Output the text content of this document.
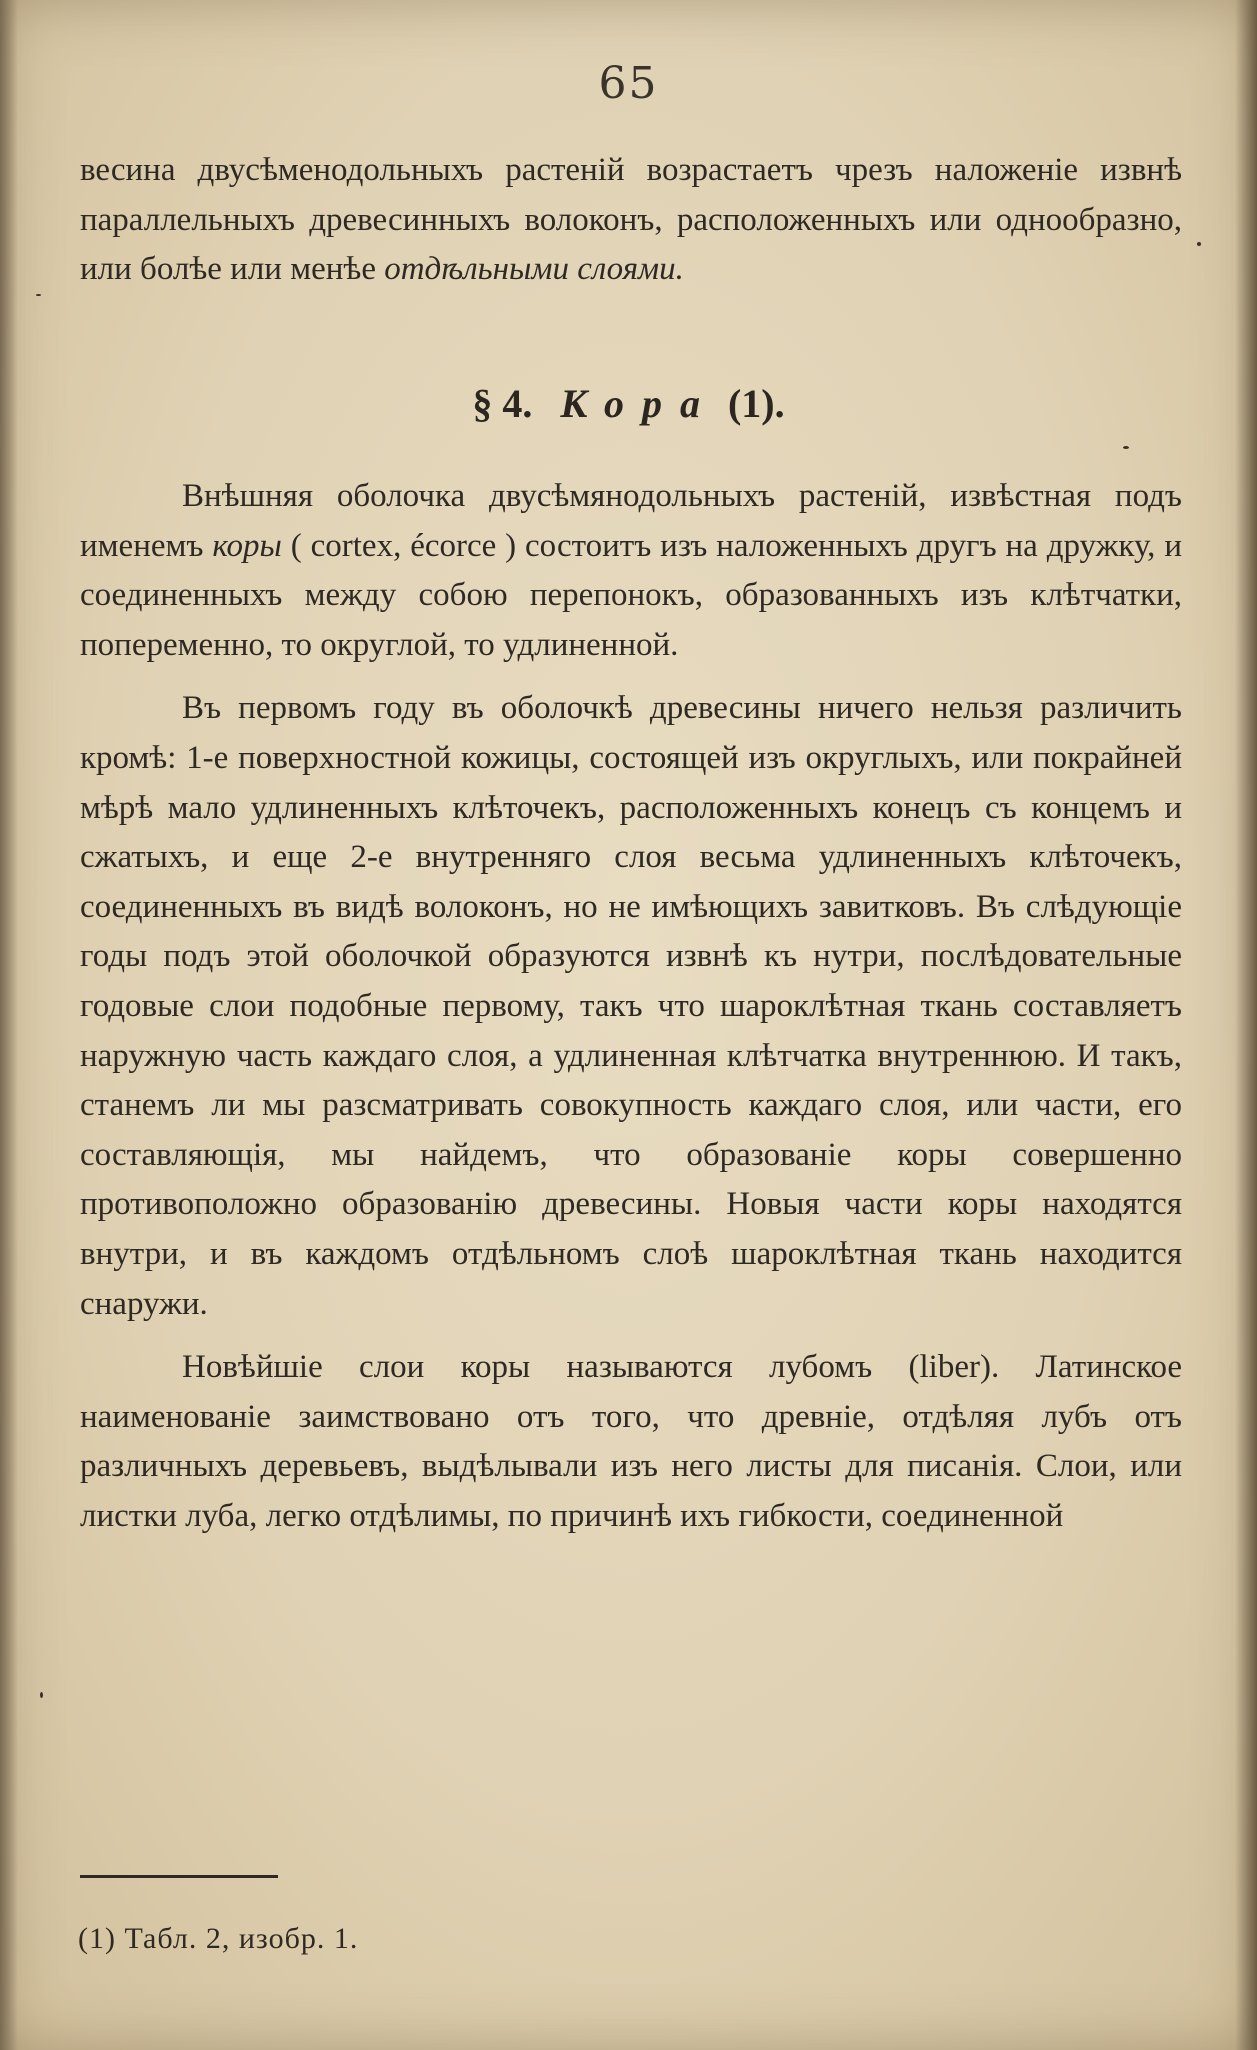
65

весина двусѣменодольныхъ растенiй возрастаетъ чрезъ наложенiе извнѣ параллельныхъ древесинныхъ волоконъ, расположенныхъ или однообразно, или болѣе или менѣе отдѣльными слоями.

§ 4. Кора (1).

Внѣшняя оболочка двусѣмянодольныхъ растенiй, извѣстная подъ именемъ коры ( cortex, écorce ) состоитъ изъ наложенныхъ другъ на дружку, и соединенныхъ между собою перепонокъ, образованныхъ изъ клѣтчатки, попеременно, то округлой, то удлиненной.

Въ первомъ году въ оболочкѣ древесины ничего нельзя различить кромѣ: 1-е поверхностной кожицы, состоящей изъ округлыхъ, или покрайней мѣрѣ мало удлиненныхъ клѣточекъ, расположенныхъ конецъ съ концемъ и сжатыхъ, и еще 2-е внутренняго слоя весьма удлиненныхъ клѣточекъ, соединенныхъ въ видѣ волоконъ, но не имѣющихъ завитковъ. Въ слѣдующiе годы подъ этой оболочкой образуются извнѣ къ нутри, послѣдовательные годовые слои подобные первому, такъ что шароклѣтная ткань составляетъ наружную часть каждаго слоя, а удлиненная клѣтчатка внутреннюю. И такъ, станемъ ли мы разсматривать совокупность каждаго слоя, или части, его составляющiя, мы найдемъ, что образованiе коры совершенно противоположно образованiю древесины. Новыя части коры находятся внутри, и въ каждомъ отдѣльномъ слоѣ шароклѣтная ткань находится снаружи.

Новѣйшiе слои коры называются лубомъ (liber). Латинское наименованiе заимствовано отъ того, что древнiе, отдѣляя лубъ отъ различныхъ деревьевъ, выдѣлывали изъ него листы для писанiя. Слои, или листки луба, легко отдѣлимы, по причинѣ ихъ гибкости, соединенной

(1) Табл. 2, изобр. 1.
